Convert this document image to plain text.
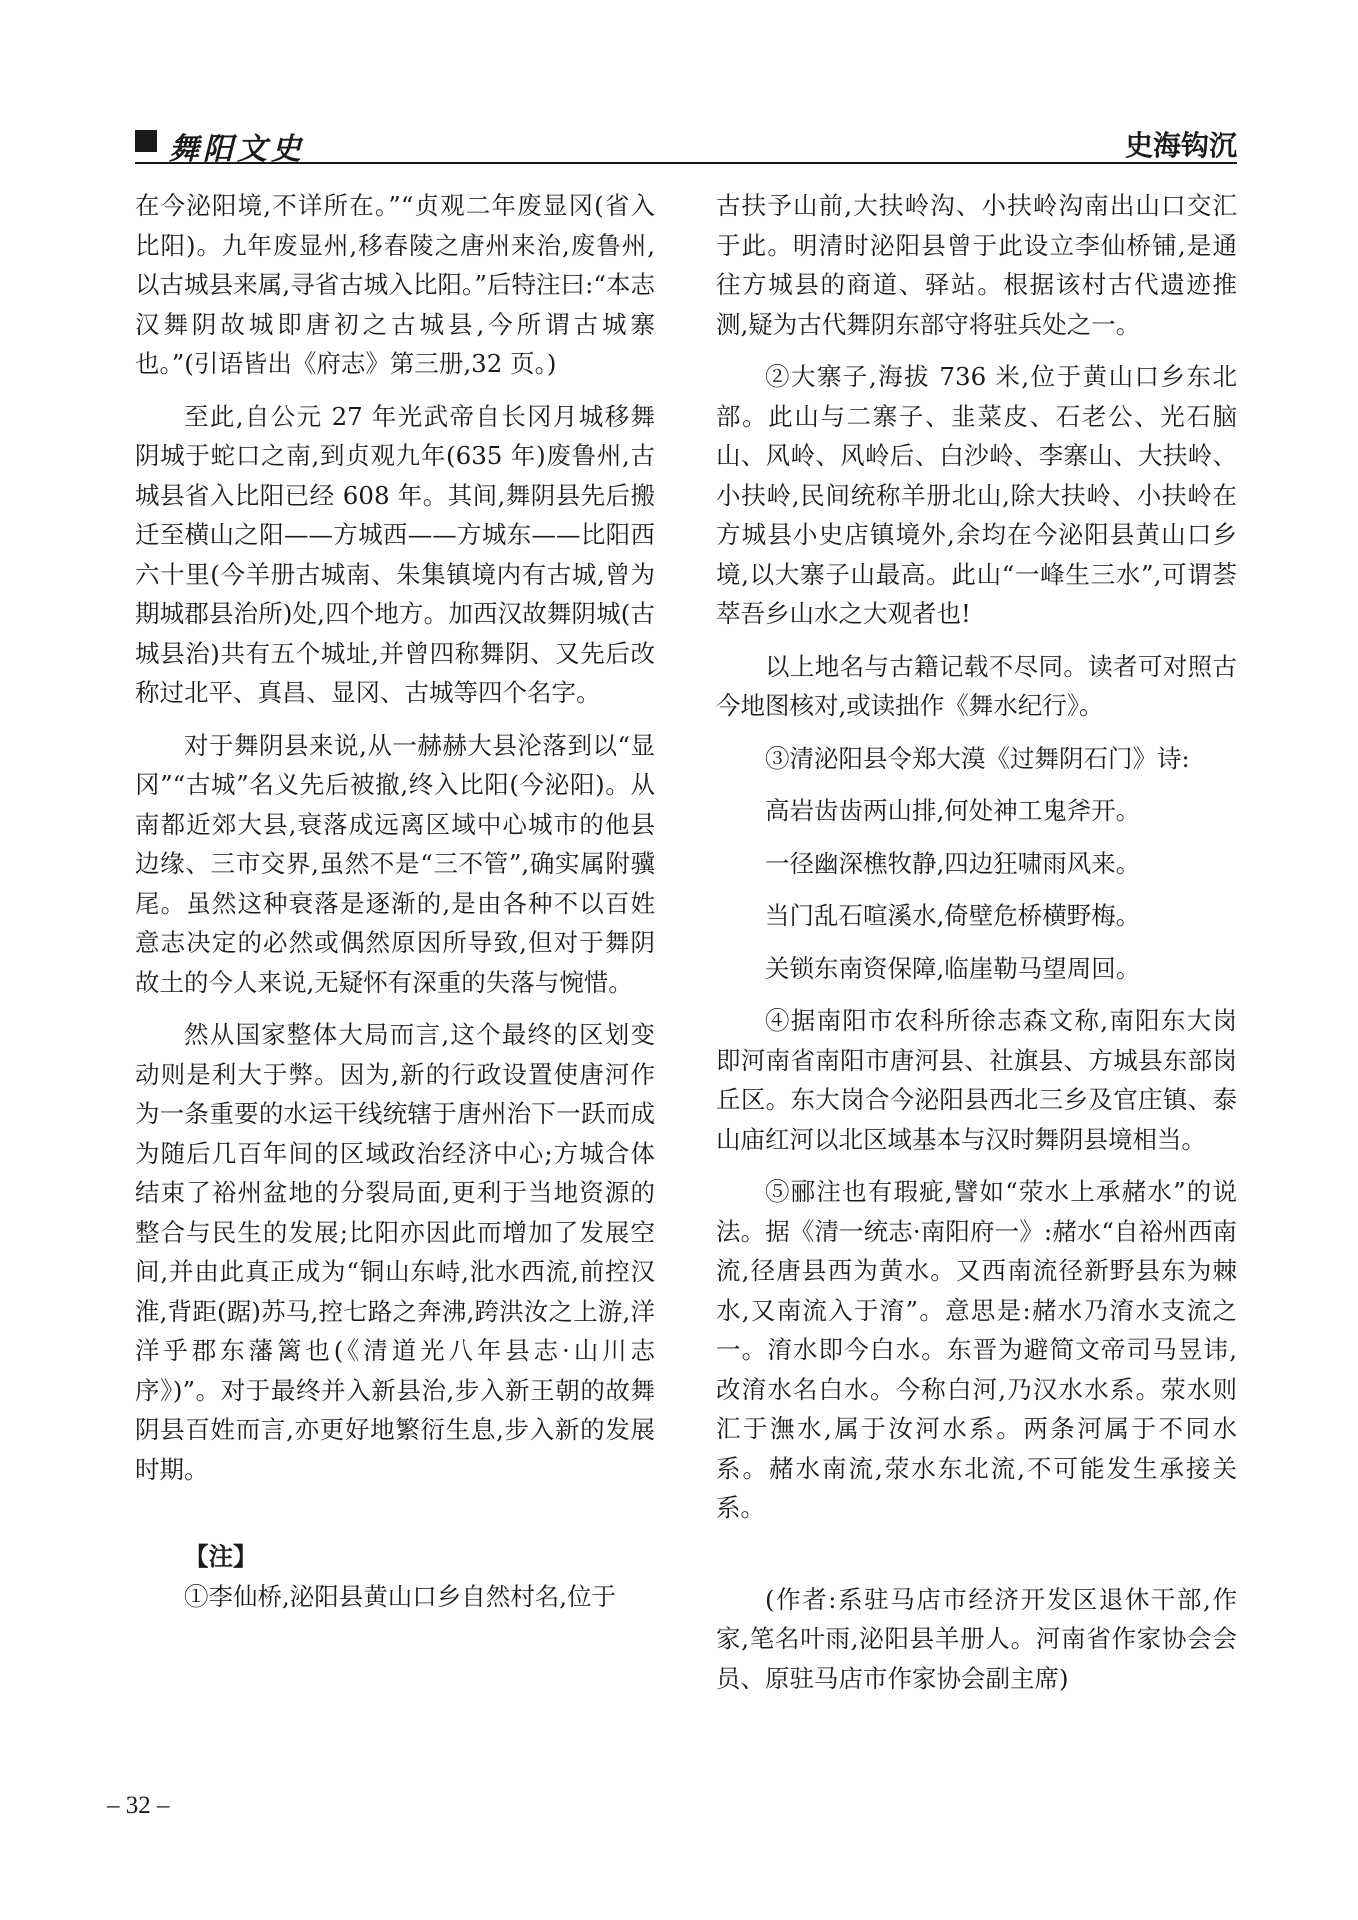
舞阳文史	史海钩沉

在今泌阳境,不详所在。”“贞观二年废显冈(省入比阳)。九年废显州,移春陵之唐州来治,废鲁州,以古城县来属,寻省古城入比阳。”后特注曰:“本志汉舞阴故城即唐初之古城县,今所谓古城寨也。”(引语皆出《府志》第三册,32 页。)

至此,自公元 27 年光武帝自长冈月城移舞阴城于蛇口之南,到贞观九年(635 年)废鲁州,古城县省入比阳已经 608 年。其间,舞阴县先后搬迁至横山之阳——方城西——方城东——比阳西六十里(今羊册古城南、朱集镇境内有古城,曾为期城郡县治所)处,四个地方。加西汉故舞阴城(古城县治)共有五个城址,并曾四称舞阴、又先后改称过北平、真昌、显冈、古城等四个名字。

对于舞阴县来说,从一赫赫大县沦落到以“显冈”“古城”名义先后被撤,终入比阳(今泌阳)。从南都近郊大县,衰落成远离区域中心城市的他县边缘、三市交界,虽然不是“三不管”,确实属附骥尾。虽然这种衰落是逐渐的,是由各种不以百姓意志决定的必然或偶然原因所导致,但对于舞阴故土的今人来说,无疑怀有深重的失落与惋惜。

然从国家整体大局而言,这个最终的区划变动则是利大于弊。因为,新的行政设置使唐河作为一条重要的水运干线统辖于唐州治下一跃而成为随后几百年间的区域政治经济中心;方城合体结束了裕州盆地的分裂局面,更利于当地资源的整合与民生的发展;比阳亦因此而增加了发展空间,并由此真正成为“铜山东峙,沘水西流,前控汉淮,背距(踞)苏马,控七路之奔沸,跨洪汝之上游,洋洋乎郡东藩篱也(《清道光八年县志·山川志序》)”。对于最终并入新县治,步入新王朝的故舞阴县百姓而言,亦更好地繁衍生息,步入新的发展时期。

【注】

①李仙桥,泌阳县黄山口乡自然村名,位于

古扶予山前,大扶岭沟、小扶岭沟南出山口交汇于此。明清时泌阳县曾于此设立李仙桥铺,是通往方城县的商道、驿站。根据该村古代遗迹推测,疑为古代舞阴东部守将驻兵处之一。

②大寨子,海拔 736 米,位于黄山口乡东北部。此山与二寨子、韭菜皮、石老公、光石脑山、风岭、风岭后、白沙岭、李寨山、大扶岭、小扶岭,民间统称羊册北山,除大扶岭、小扶岭在方城县小史店镇境外,余均在今泌阳县黄山口乡境,以大寨子山最高。此山“一峰生三水”,可谓荟萃吾乡山水之大观者也!

以上地名与古籍记载不尽同。读者可对照古今地图核对,或读拙作《舞水纪行》。

③清泌阳县令郑大漠《过舞阴石门》诗:

高岩齿齿两山排,何处神工鬼斧开。

一径幽深樵牧静,四边狂啸雨风来。

当门乱石喧溪水,倚壁危桥横野梅。

关锁东南资保障,临崖勒马望周回。

④据南阳市农科所徐志森文称,南阳东大岗即河南省南阳市唐河县、社旗县、方城县东部岗丘区。东大岗合今泌阳县西北三乡及官庄镇、泰山庙红河以北区域基本与汉时舞阴县境相当。

⑤郦注也有瑕疵,譬如“荥水上承赭水”的说法。据《清一统志·南阳府一》:赭水“自裕州西南流,径唐县西为黄水。又西南流径新野县东为棘水,又南流入于淯”。意思是:赭水乃淯水支流之一。淯水即今白水。东晋为避简文帝司马昱讳,改淯水名白水。今称白河,乃汉水水系。荥水则汇于潕水,属于汝河水系。两条河属于不同水系。赭水南流,荥水东北流,不可能发生承接关系。

(作者:系驻马店市经济开发区退休干部,作家,笔名叶雨,泌阳县羊册人。河南省作家协会会员、原驻马店市作家协会副主席)

– 32 –
